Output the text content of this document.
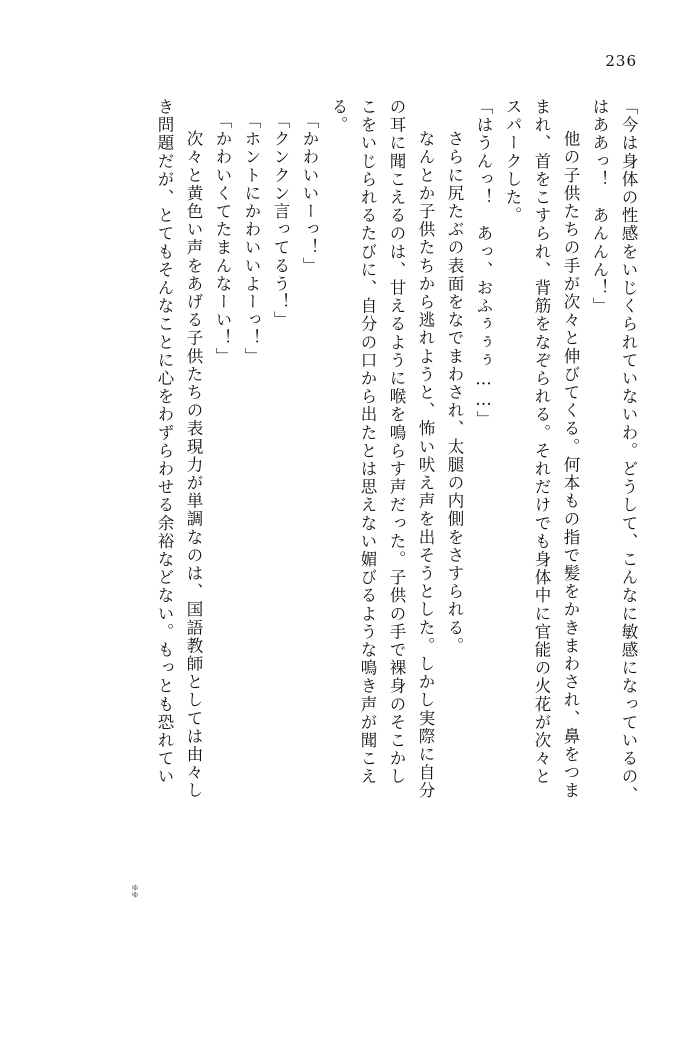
236
「今は身体の性感をいじくられていないわ。どうして、こんなに敏感になっているの、
はああっ！　あんんん！」
　他の子供たちの手が次々と伸びてくる。何本もの指で髪をかきまわされ、鼻をつま
まれ、首をこすられ、背筋をなぞられる。それだけでも身体中に官能の火花が次々と
スパークした。
「はうんっ！　あっ、おふぅぅぅ……」
　さらに尻たぶの表面をなでまわされ、太腿の内側をさすられる。
　なんとか子供たちから逃れようと、怖い吠え声を出そうとした。しかし実際に自分
の耳に聞こえるのは、甘えるように喉を鳴らす声だった。子供の手で裸身のそこかし
こをいじられるたびに、自分の口から出たとは思えない媚びるような鳴き声が聞こえ
る。
「かわいいーっ！」
「クンクン言ってるう！」
「ホントにかわいいよーっ！」
「かわいくてたまんなーい！」
　次々と黄色い声をあげる子供たちの表現力が単調なのは、国語教師としては由々し
き問題だが、とてもそんなことに心をわずらわせる余裕などない。もっとも恐れてい
ゆゆ
